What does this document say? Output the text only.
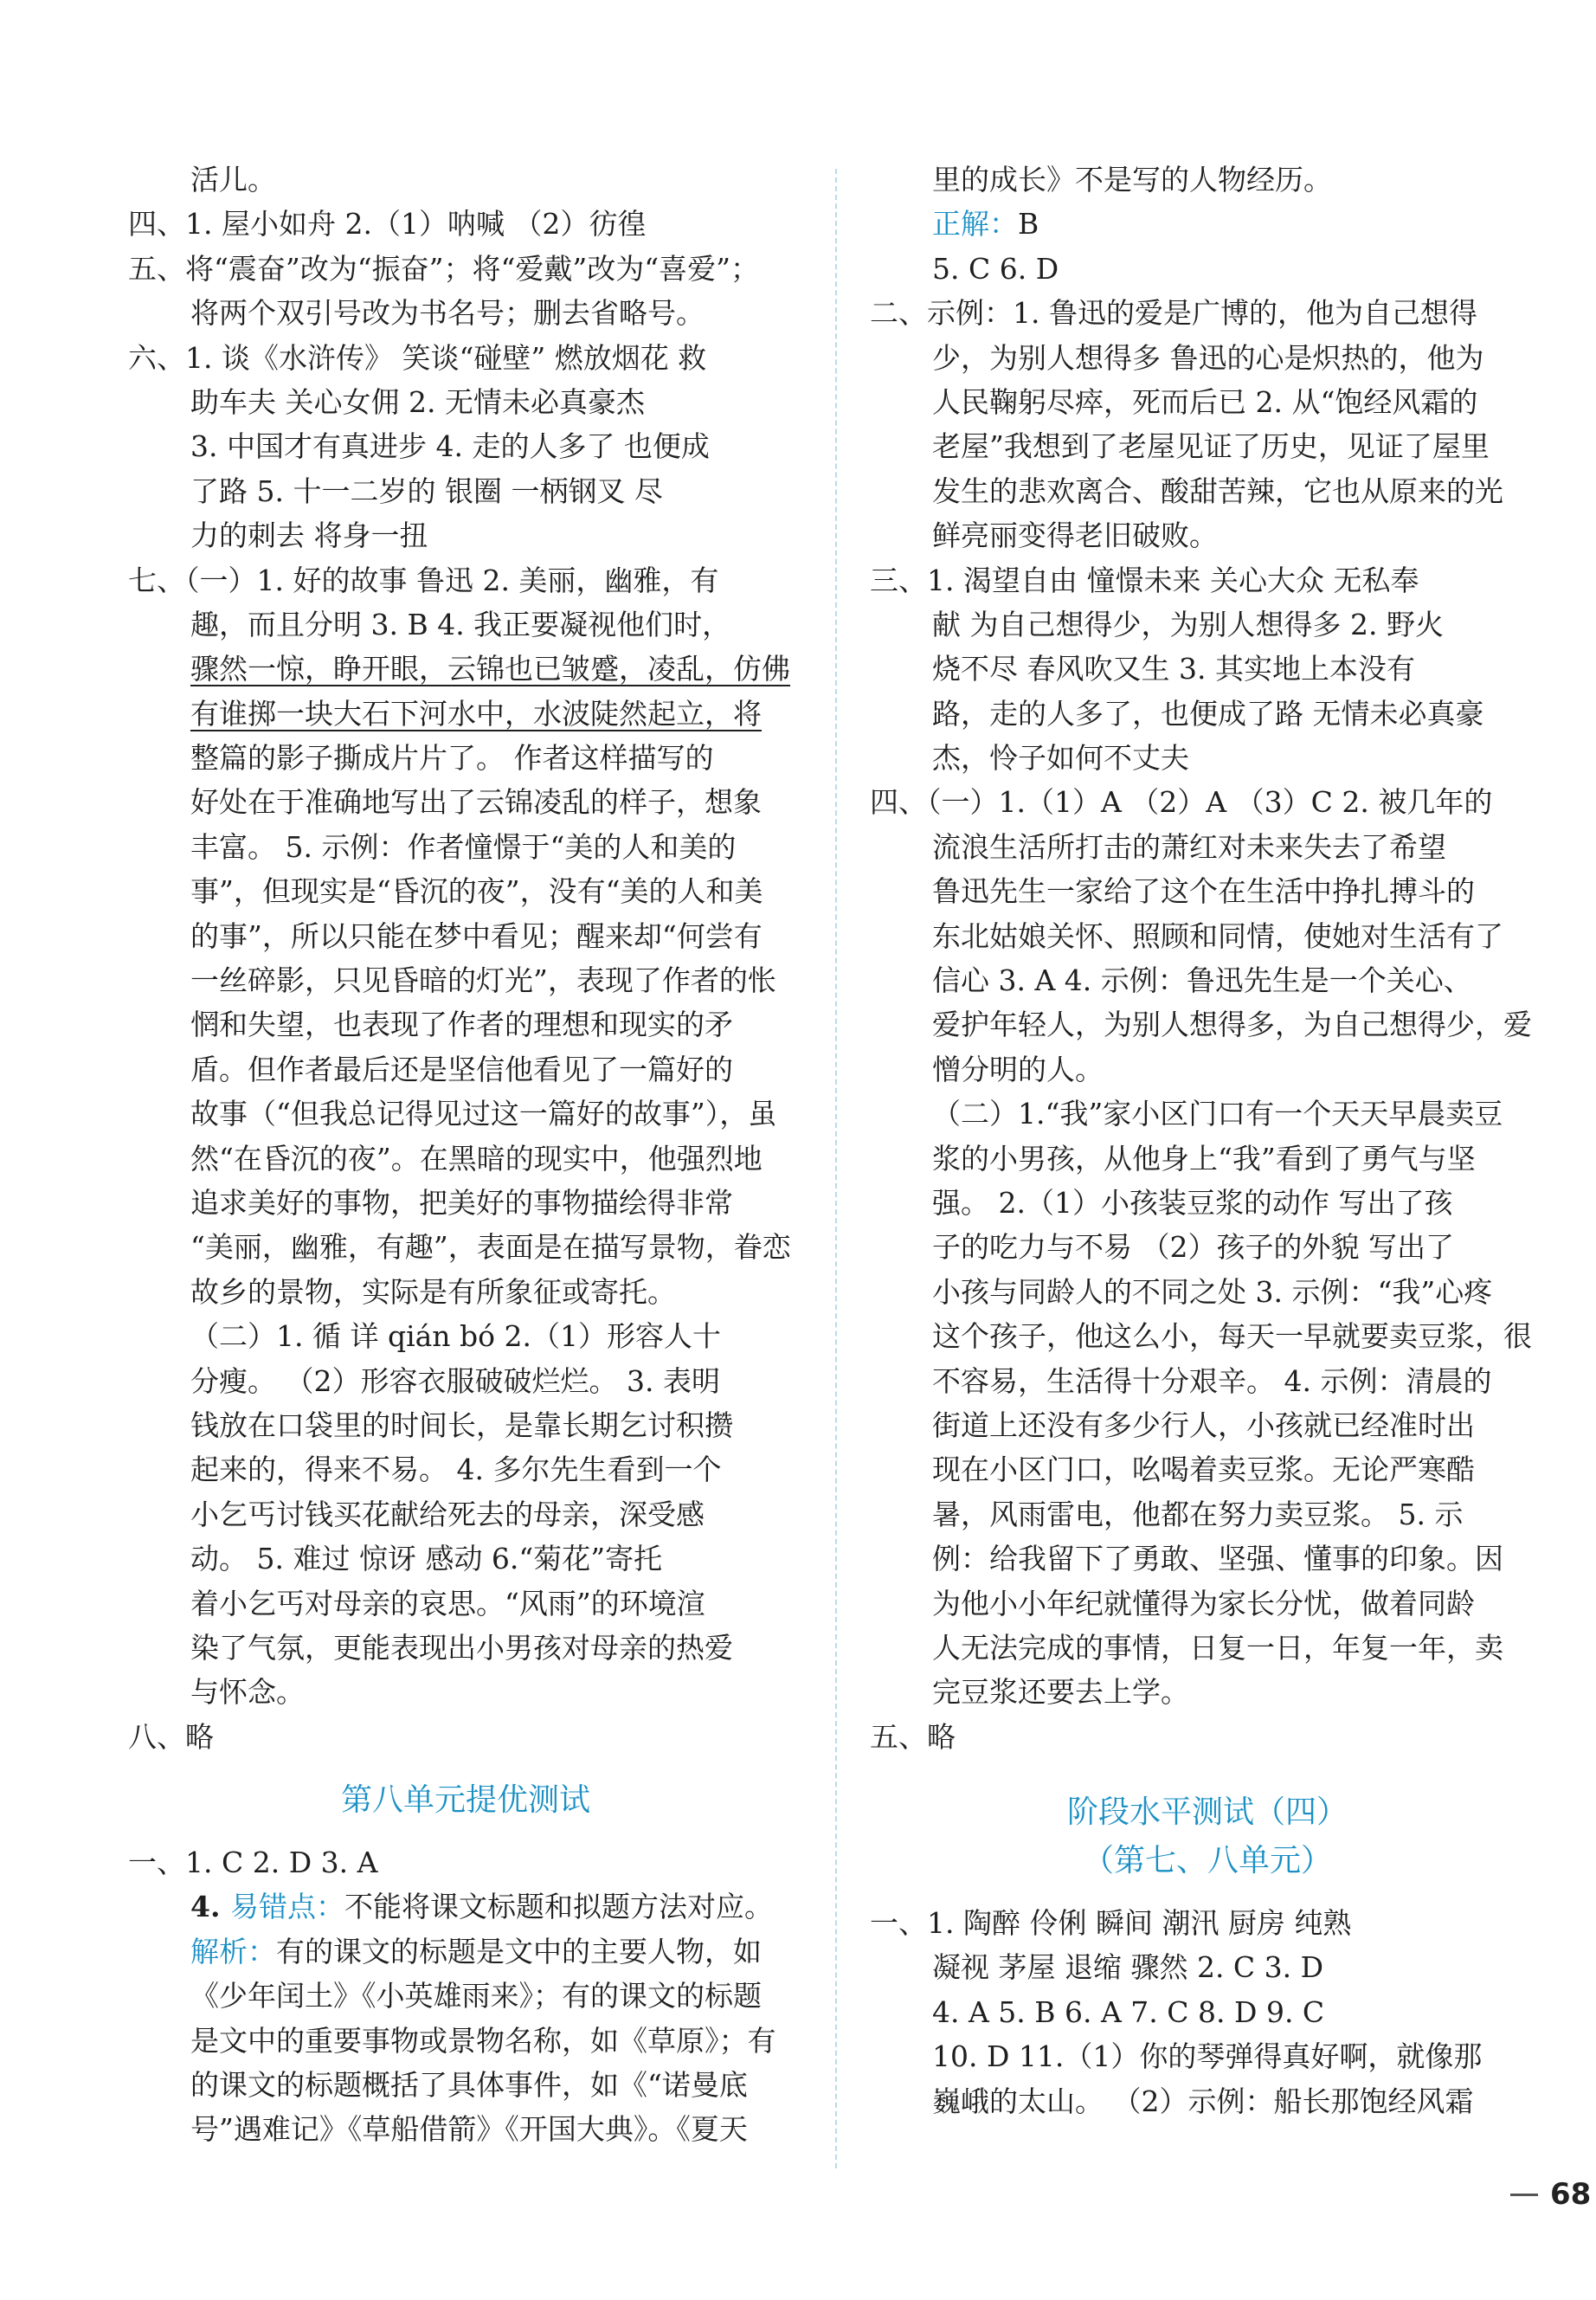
活儿。
四、1. 屋小如舟 2.（1）呐喊 （2）彷徨
五、将“震奋”改为“振奋”；将“爱戴”改为“喜爱”；
将两个双引号改为书名号；删去省略号。
六、1. 谈《水浒传》 笑谈“碰壁” 燃放烟花 救
助车夫 关心女佣 2. 无情未必真豪杰
3. 中国才有真进步 4. 走的人多了 也便成
了路 5. 十一二岁的 银圈 一柄钢叉 尽
力的刺去 将身一扭
七、（一）1. 好的故事 鲁迅 2. 美丽，幽雅，有
趣，而且分明 3. B 4. 我正要凝视他们时，
骤然一惊，睁开眼，云锦也已皱蹙，凌乱，仿佛
有谁掷一块大石下河水中，水波陡然起立，将
整篇的影子撕成片片了。 作者这样描写的
好处在于准确地写出了云锦凌乱的样子，想象
丰富。 5. 示例：作者憧憬于“美的人和美的
事”，但现实是“昏沉的夜”，没有“美的人和美
的事”，所以只能在梦中看见；醒来却“何尝有
一丝碎影，只见昏暗的灯光”，表现了作者的怅
惘和失望，也表现了作者的理想和现实的矛
盾。但作者最后还是坚信他看见了一篇好的
故事（“但我总记得见过这一篇好的故事”），虽
然“在昏沉的夜”。在黑暗的现实中，他强烈地
追求美好的事物，把美好的事物描绘得非常
“美丽，幽雅，有趣”，表面是在描写景物，眷恋
故乡的景物，实际是有所象征或寄托。
（二）1. 循 详 qián bó 2.（1）形容人十
分瘦。 （2）形容衣服破破烂烂。 3. 表明
钱放在口袋里的时间长，是靠长期乞讨积攒
起来的，得来不易。 4. 多尔先生看到一个
小乞丐讨钱买花献给死去的母亲，深受感
动。 5. 难过 惊讶 感动 6.“菊花”寄托
着小乞丐对母亲的哀思。“风雨”的环境渲
染了气氛，更能表现出小男孩对母亲的热爱
与怀念。
八、略
第八单元提优测试
一、1. C 2. D 3. A
4. 易错点：不能将课文标题和拟题方法对应。
解析：有的课文的标题是文中的主要人物，如
《少年闰土》《小英雄雨来》；有的课文的标题
是文中的重要事物或景物名称，如《草原》；有
的课文的标题概括了具体事件，如《“诺曼底
号”遇难记》《草船借箭》《开国大典》。《夏天
里的成长》不是写的人物经历。
正解：B
5. C 6. D
二、示例：1. 鲁迅的爱是广博的，他为自己想得
少，为别人想得多 鲁迅的心是炽热的，他为
人民鞠躬尽瘁，死而后已 2. 从“饱经风霜的
老屋”我想到了老屋见证了历史，见证了屋里
发生的悲欢离合、酸甜苦辣，它也从原来的光
鲜亮丽变得老旧破败。
三、1. 渴望自由 憧憬未来 关心大众 无私奉
献 为自己想得少，为别人想得多 2. 野火
烧不尽 春风吹又生 3. 其实地上本没有
路，走的人多了，也便成了路 无情未必真豪
杰，怜子如何不丈夫
四、（一）1.（1）A （2）A （3）C 2. 被几年的
流浪生活所打击的萧红对未来失去了希望
鲁迅先生一家给了这个在生活中挣扎搏斗的
东北姑娘关怀、照顾和同情，使她对生活有了
信心 3. A 4. 示例：鲁迅先生是一个关心、
爱护年轻人，为别人想得多，为自己想得少，爱
憎分明的人。
（二）1.“我”家小区门口有一个天天早晨卖豆
浆的小男孩，从他身上“我”看到了勇气与坚
强。 2.（1）小孩装豆浆的动作 写出了孩
子的吃力与不易 （2）孩子的外貌 写出了
小孩与同龄人的不同之处 3. 示例：“我”心疼
这个孩子，他这么小，每天一早就要卖豆浆，很
不容易，生活得十分艰辛。 4. 示例：清晨的
街道上还没有多少行人，小孩就已经准时出
现在小区门口，吆喝着卖豆浆。无论严寒酷
暑，风雨雷电，他都在努力卖豆浆。 5. 示
例：给我留下了勇敢、坚强、懂事的印象。因
为他小小年纪就懂得为家长分忧，做着同龄
人无法完成的事情，日复一日，年复一年，卖
完豆浆还要去上学。
五、略
阶段水平测试（四）
（第七、八单元）
一、1. 陶醉 伶俐 瞬间 潮汛 厨房 纯熟
凝视 茅屋 退缩 骤然 2. C 3. D
4. A 5. B 6. A 7. C 8. D 9. C
10. D 11.（1）你的琴弹得真好啊，就像那
巍峨的太山。 （2）示例：船长那饱经风霜
68
